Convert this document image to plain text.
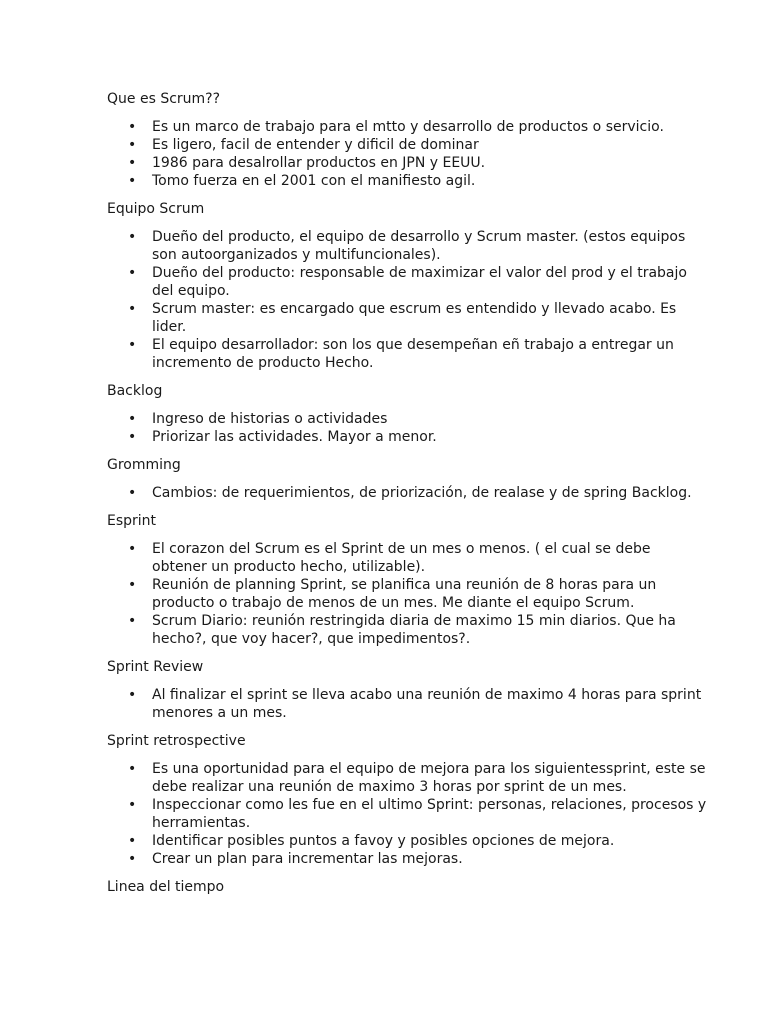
Que es Scrum??
• Es un marco de trabajo para el mtto y desarrollo de productos o servicio.
• Es ligero, facil de entender y dificil de dominar
• 1986 para desalrollar productos en JPN y EEUU.
• Tomo fuerza en el 2001 con el manifiesto agil.
Equipo Scrum
• Dueño del producto, el equipo de desarrollo y Scrum master. (estos equipos son autoorganizados y multifuncionales).
• Dueño del producto: responsable de maximizar el valor del prod y el trabajo del equipo.
• Scrum master: es encargado que escrum es entendido y llevado acabo. Es lider.
• El equipo desarrollador: son los que desempeñan eñ trabajo a entregar un incremento de producto Hecho.
Backlog
• Ingreso de historias o actividades
• Priorizar las actividades. Mayor a menor.
Gromming
• Cambios: de requerimientos, de priorización, de realase y de spring Backlog.
Esprint
• El corazon del Scrum es el Sprint de un mes o menos. ( el cual se debe obtener un producto hecho, utilizable).
• Reunión de planning Sprint, se planifica una reunión de 8 horas para un producto o trabajo de menos de un mes. Me diante el equipo Scrum.
• Scrum Diario: reunión restringida diaria de maximo 15 min diarios. Que ha hecho?, que voy hacer?, que impedimentos?.
Sprint Review
• Al finalizar el sprint se lleva acabo una reunión de maximo 4 horas para sprint menores a un mes.
Sprint retrospective
• Es una oportunidad para el equipo de mejora para los siguientessprint, este se debe realizar una reunión de maximo 3 horas por sprint de un mes.
• Inspeccionar como les fue en el ultimo Sprint: personas, relaciones, procesos y herramientas.
• Identificar posibles puntos a favoy y posibles opciones de mejora.
• Crear un plan para incrementar las mejoras.
Linea del tiempo
